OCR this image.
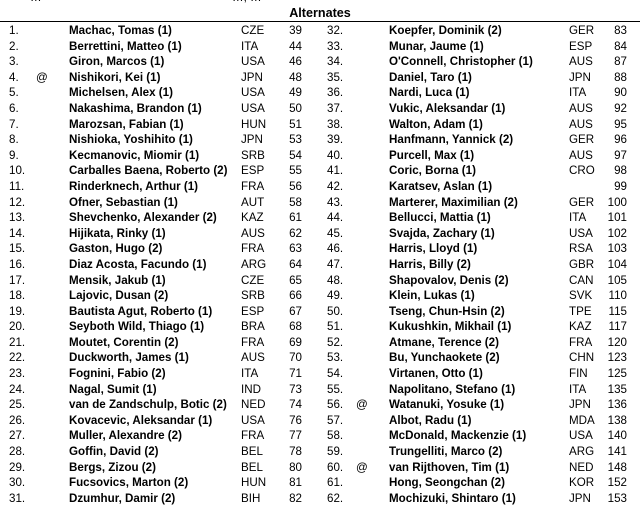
Alternates
1.	Machac, Tomas (1)	CZE 39 32.	Koepfer, Dominik (2)	GER	83
2.	Berrettini, Matteo (1)	ITA	44 33.	Munar, Jaume (1)	ESP	84
3.	Giron, Marcos (1)	USA 46 34.	O'Connell, Christopher (1)	AUS	87
4. @ Nishikori, Kei (1)	JPN 48 35.	Daniel, Taro (1)	JPN	88
5.	Michelsen, Alex (1)	USA 49 36.	Nardi, Luca (1)	ITA	90
6.	Nakashima, Brandon (1)	USA 50 37.	Vukic, Aleksandar (1)	AUS	92
7.	Marozsan, Fabian (1)	HUN 51 38.	Walton, Adam (1)	AUS	95
8.	Nishioka, Yoshihito (1)	JPN 53 39.	Hanfmann, Yannick (2)	GER	96
9.	Kecmanovic, Miomir (1)	SRB 54 40.	Purcell, Max (1)	AUS	97
10.	Carballes Baena, Roberto (2) ESP 55 41.	Coric, Borna (1)	CRO	98
11.	Rinderknech, Arthur (1)	FRA 56 42.	Karatsev, Aslan (1)	99
12.	Ofner, Sebastian (1)	AUT 58 43.	Marterer, Maximilian (2)	GER	100
13.	Shevchenko, Alexander (2) KAZ 61 44.	Bellucci, Mattia (1)	ITA	101
14.	Hijikata, Rinky (1)	AUS 62 45.	Svajda, Zachary (1)	USA	102
15.	Gaston, Hugo (2)	FRA 63 46.	Harris, Lloyd (1)	RSA	103
16.	Diaz Acosta, Facundo (1)	ARG 64 47.	Harris, Billy (2)	GBR	104
17.	Mensik, Jakub (1)	CZE 65 48.	Shapovalov, Denis (2)	CAN	105
18.	Lajovic, Dusan (2)	SRB 66 49.	Klein, Lukas (1)	SVK	110
19.	Bautista Agut, Roberto (1) ESP 67 50.	Tseng, Chun-Hsin (2)	TPE	115
20.	Seyboth Wild, Thiago (1)	BRA 68 51.	Kukushkin, Mikhail (1)	KAZ	117
21.	Moutet, Corentin (2)	FRA 69 52.	Atmane, Terence (2)	FRA	120
22.	Duckworth, James (1)	AUS 70 53.	Bu, Yunchaokete (2)	CHN	123
23.	Fognini, Fabio (2)	ITA	71 54.	Virtanen, Otto (1)	FIN	125
24.	Nagal, Sumit (1)	IND 73 55.	Napolitano, Stefano (1)	ITA	135
25.	van de Zandschulp, Botic (2) NED 74 56. @ Watanuki, Yosuke (1)	JPN	136
26.	Kovacevic, Aleksandar (1) USA 76 57.	Albot, Radu (1)	MDA	138
27.	Muller, Alexandre (2)	FRA 77 58.	McDonald, Mackenzie (1)	USA	140
28.	Goffin, David (2)	BEL 78 59.	Trungelliti, Marco (2)	ARG	141
29.	Bergs, Zizou (2)	BEL 80 60. @ van Rijthoven, Tim (1)	NED	148
30.	Fucsovics, Marton (2)	HUN 81 61.	Hong, Seongchan (2)	KOR	152
31.	Dzumhur, Damir (2)	BIH 82 62.	Mochizuki, Shintaro (1)	JPN	153
